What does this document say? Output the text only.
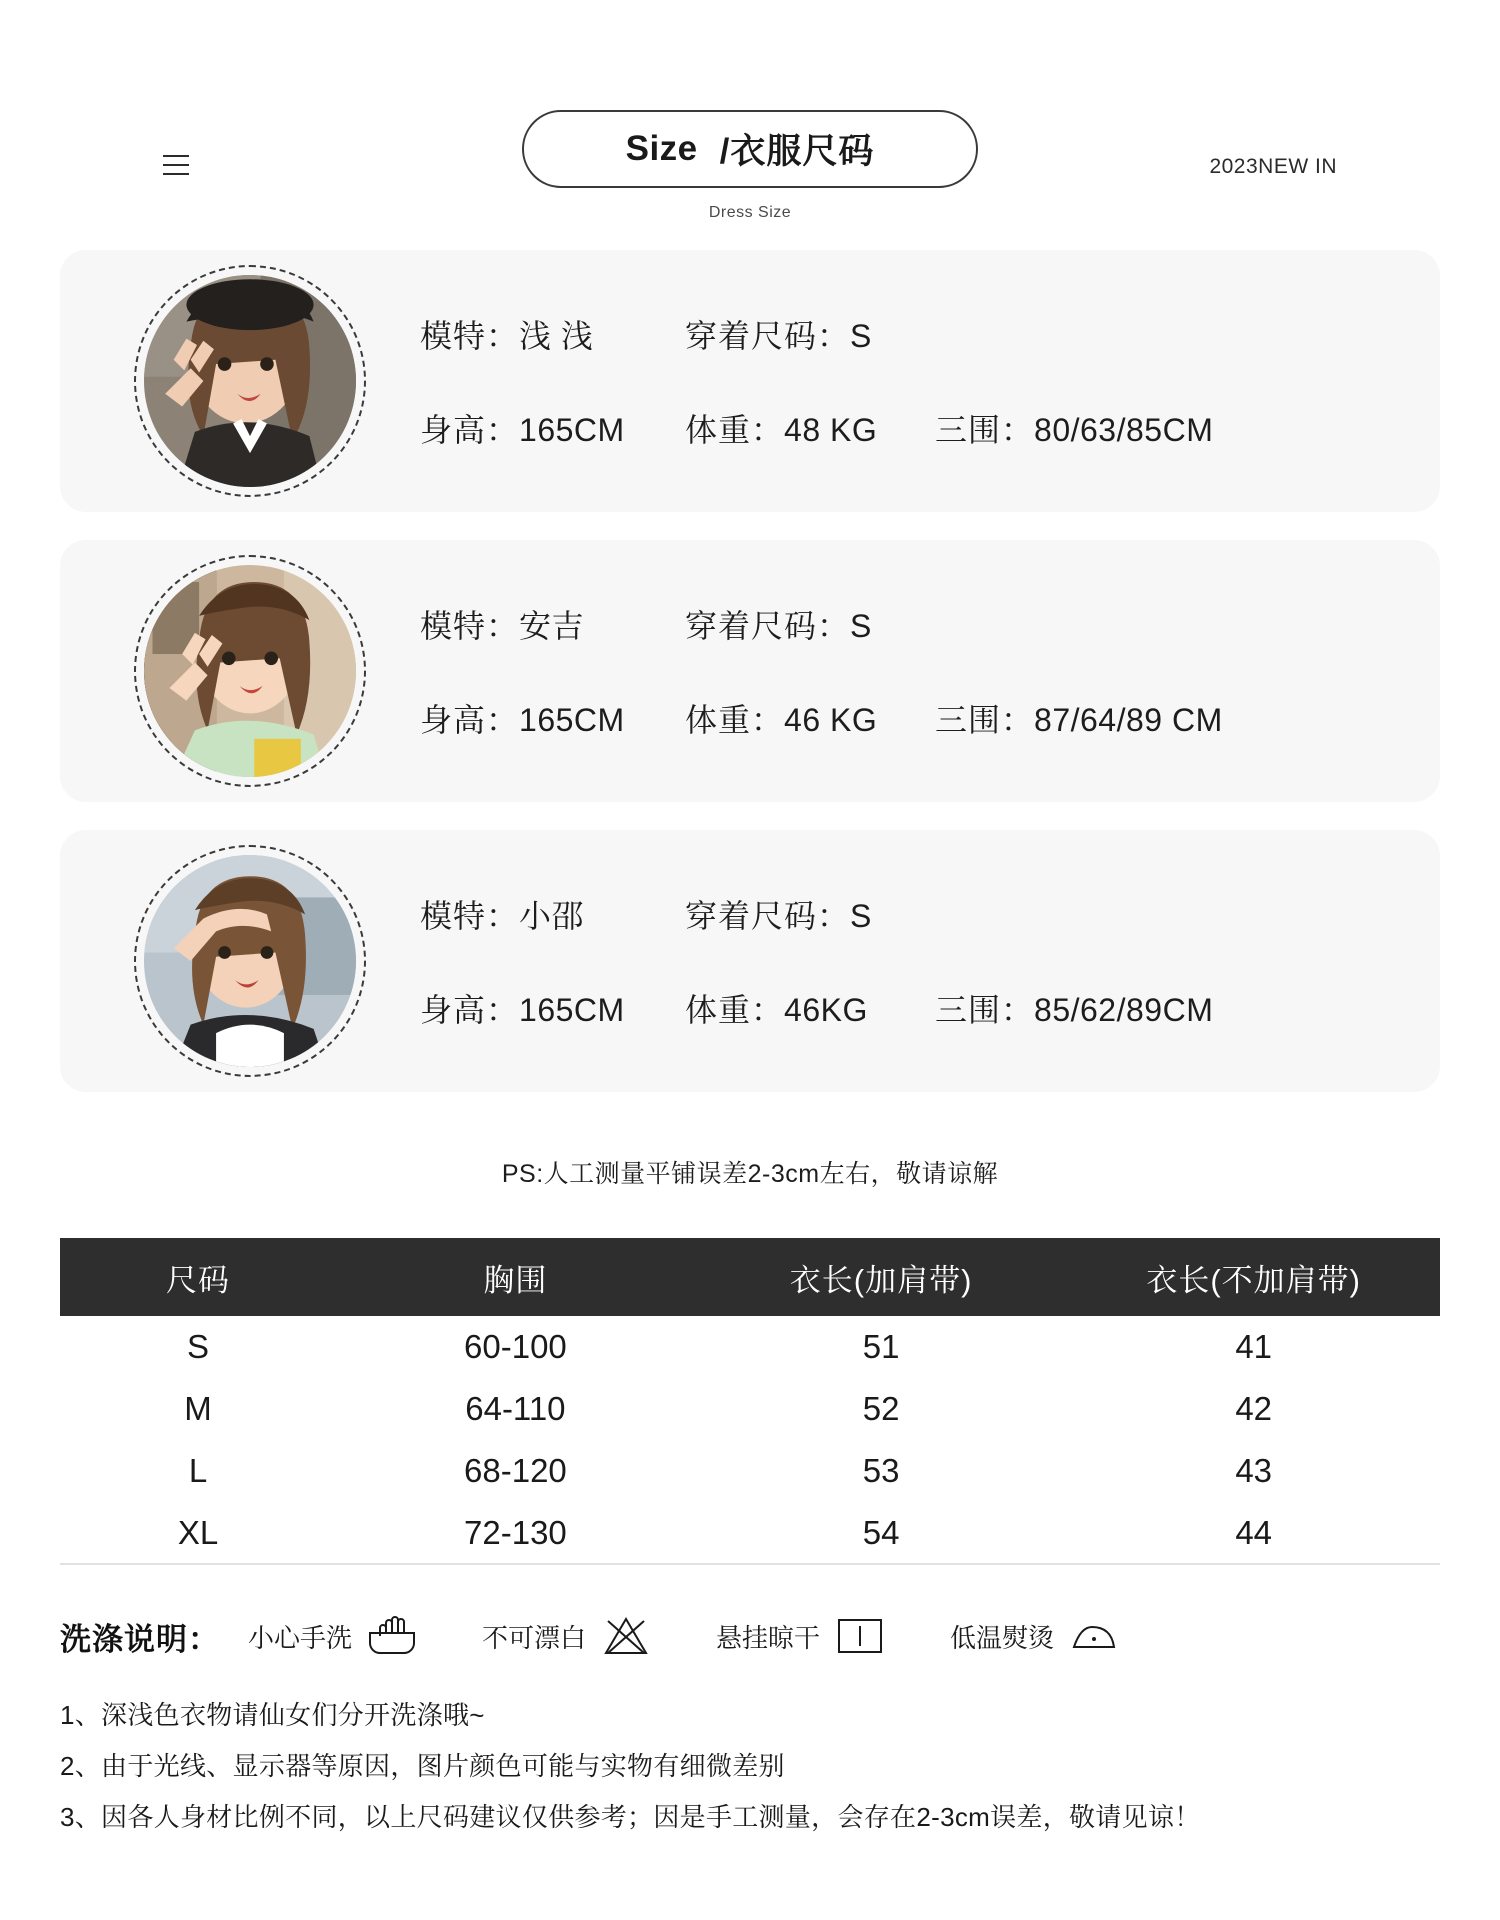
Size /衣服尺码
Dress Size
2023NEW IN
模特：浅 浅	穿着尺码：S
身高：165CM	体重：48 KG	三围：80/63/85CM
模特：安吉	穿着尺码：S
身高：165CM	体重：46 KG	三围：87/64/89 CM
模特：小邵	穿着尺码：S
身高：165CM	体重：46KG	三围：85/62/89CM
PS:人工测量平铺误差2-3cm左右，敬请谅解
尺码	胸围	衣长(加肩带)	衣长(不加肩带)
S	60-100	51	41
M	64-110	52	42
L	68-120	53	43
XL	72-130	54	44
洗涤说明： 小心手洗	不可漂白	悬挂晾干	低温熨烫
1、深浅色衣物请仙女们分开洗涤哦~
2、由于光线、显示器等原因，图片颜色可能与实物有细微差别
3、因各人身材比例不同，以上尺码建议仅供参考；因是手工测量，会存在2-3cm误差，敬请见谅！
